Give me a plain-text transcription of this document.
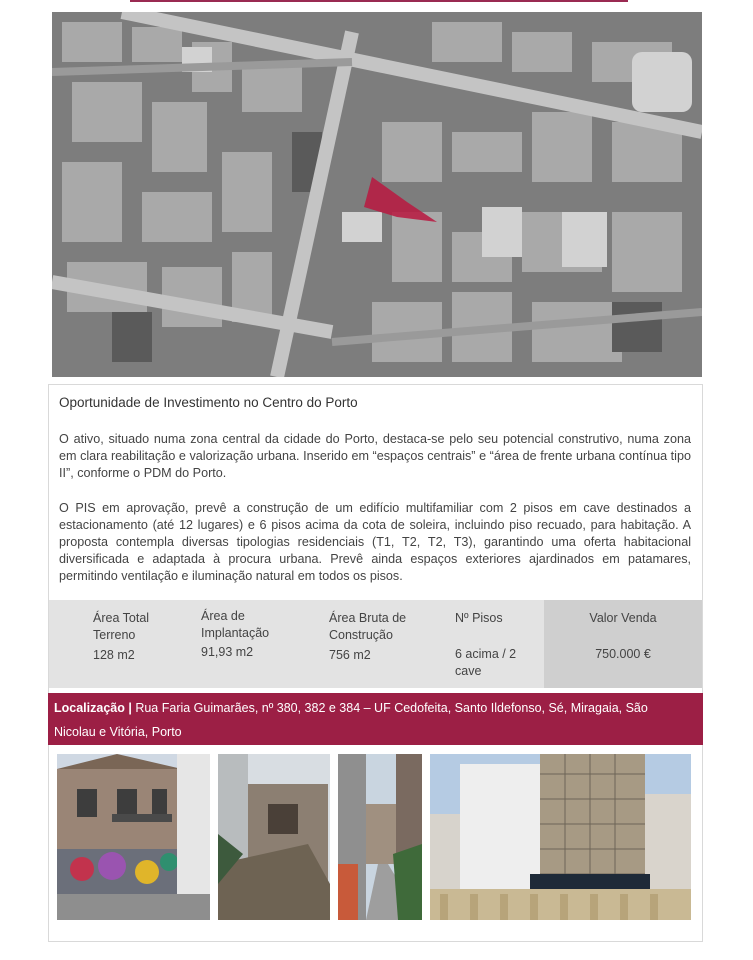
Oportunidade de Investimento no Centro do Porto
O ativo, situado numa zona central da cidade do Porto, destaca-se pelo seu potencial construtivo, numa zona em clara reabilitação e valorização urbana. Inserido em “espaços centrais” e “área de frente urbana contínua tipo II”, conforme o PDM do Porto.
O PIS em aprovação, prevê a construção de um edifício multifamiliar com 2 pisos em cave destinados a estacionamento (até 12 lugares) e 6 pisos acima da cota de soleira, incluindo piso recuado, para habitação. A proposta contempla diversas tipologias residenciais (T1, T2, T2, T3), garantindo uma oferta habitacional diversificada e adaptada à procura urbana. Prevê ainda espaços exteriores ajardinados em patamares, permitindo ventilação e iluminação natural em todos os pisos.
Área Total Terreno
128 m2
Área de Implantação
91,93 m2
Área Bruta de Construção
756 m2
Nº Pisos
6 acima / 2 cave
Valor Venda
750.000 €
Localização | Rua Faria Guimarães, nº 380, 382 e 384 – UF Cedofeita, Santo Ildefonso, Sé, Miragaia, São Nicolau e Vitória, Porto
